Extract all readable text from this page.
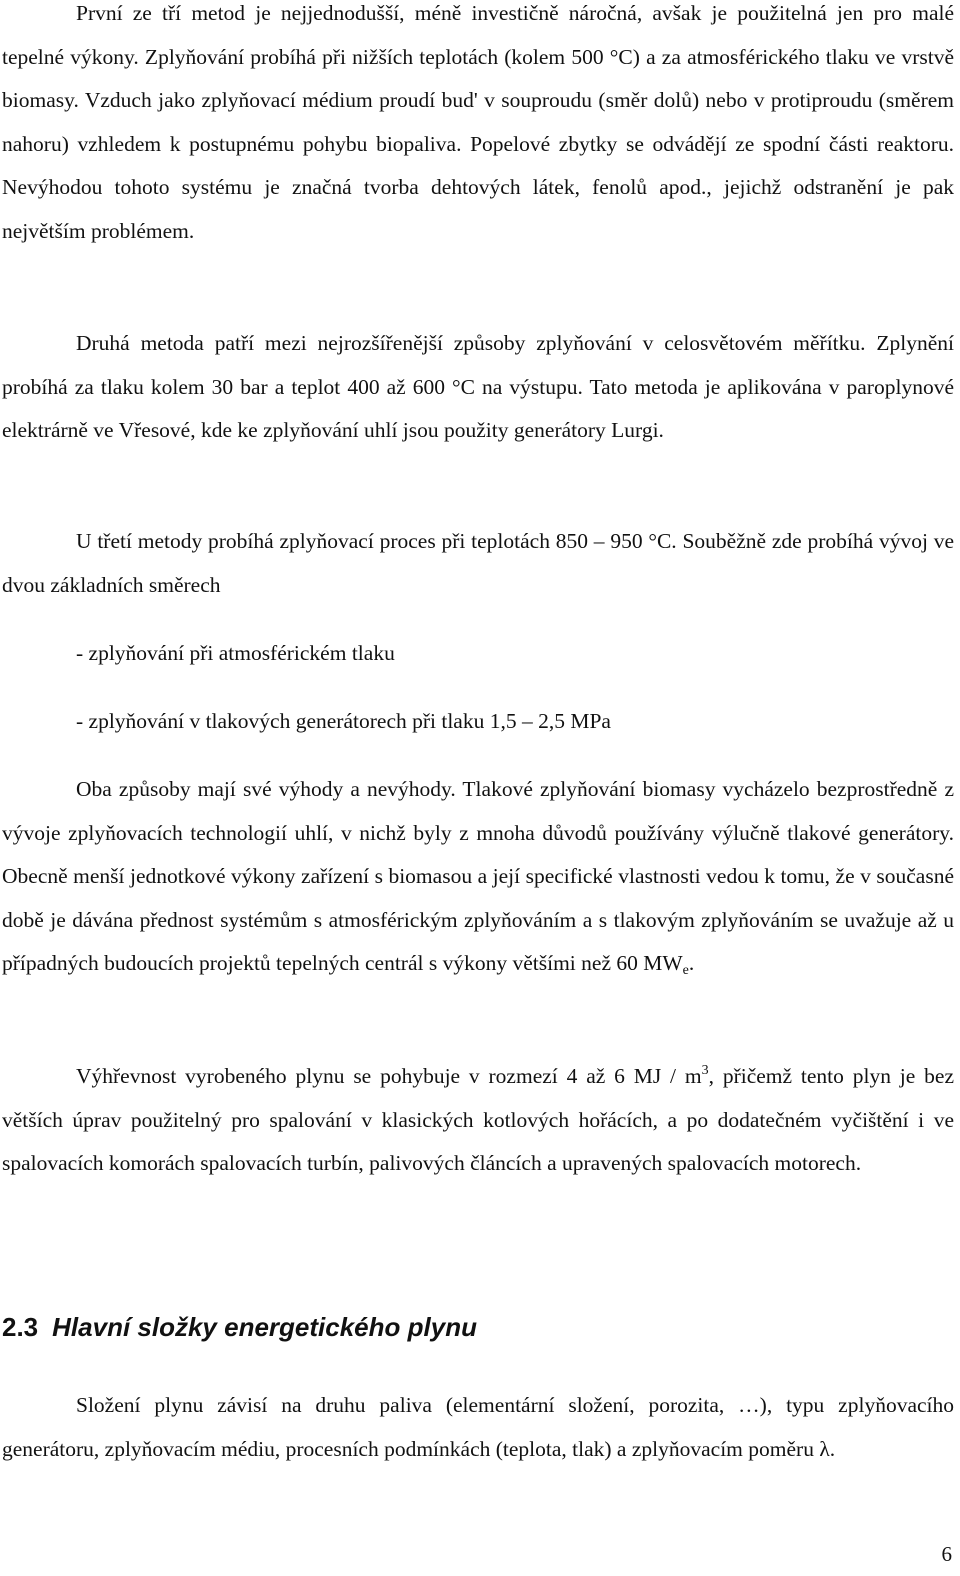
První ze tří metod je nejjednodušší, méně investičně náročná, avšak je použitelná jen pro malé tepelné výkony. Zplyňování probíhá při nižších teplotách (kolem 500 °C) a za atmosférického tlaku ve vrstvě biomasy. Vzduch jako zplyňovací médium proudí bud' v souproudu (směr dolů) nebo v protiproudu (směrem nahoru) vzhledem k postupnému pohybu biopaliva. Popelové zbytky se odvádějí ze spodní části reaktoru. Nevýhodou tohoto systému je značná tvorba dehtových látek, fenolů apod., jejichž odstranění je pak největším problémem.

Druhá metoda patří mezi nejrozšířenější způsoby zplyňování v celosvětovém měřítku. Zplynění probíhá za tlaku kolem 30 bar a teplot 400 až 600 °C na výstupu. Tato metoda je aplikována v paroplynové elektrárně ve Vřesové, kde ke zplyňování uhlí jsou použity generátory Lurgi.

U třetí metody probíhá zplyňovací proces při teplotách 850 – 950 °C. Souběžně zde probíhá vývoj ve dvou základních směrech

- zplyňování při atmosférickém tlaku

- zplyňování v tlakových generátorech při tlaku 1,5 – 2,5 MPa

Oba způsoby mají své výhody a nevýhody. Tlakové zplyňování biomasy vycházelo bezprostředně z vývoje zplyňovacích technologií uhlí, v nichž byly z mnoha důvodů používány výlučně tlakové generátory. Obecně menší jednotkové výkony zařízení s biomasou a její specifické vlastnosti vedou k tomu, že v současné době je dávána přednost systémům s atmosférickým zplyňováním a s tlakovým zplyňováním se uvažuje až u případných budoucích projektů tepelných centrál s výkony většími než 60 $MW_e$.

Výhřevnost vyrobeného plynu se pohybuje v rozmezí 4 až 6 MJ / $m^3$, přičemž tento plyn je bez větších úprav použitelný pro spalování v klasických kotlových hořácích, a po dodatečném vyčištění i ve spalovacích komorách spalovacích turbín, palivových článcích a upravených spalovacích motorech.

2.3 Hlavní složky energetického plynu

Složení plynu závisí na druhu paliva (elementární složení, porozita, …), typu zplyňovacího generátoru, zplyňovacím médiu, procesních podmínkách (teplota, tlak) a zplyňovacím poměru λ.

6
